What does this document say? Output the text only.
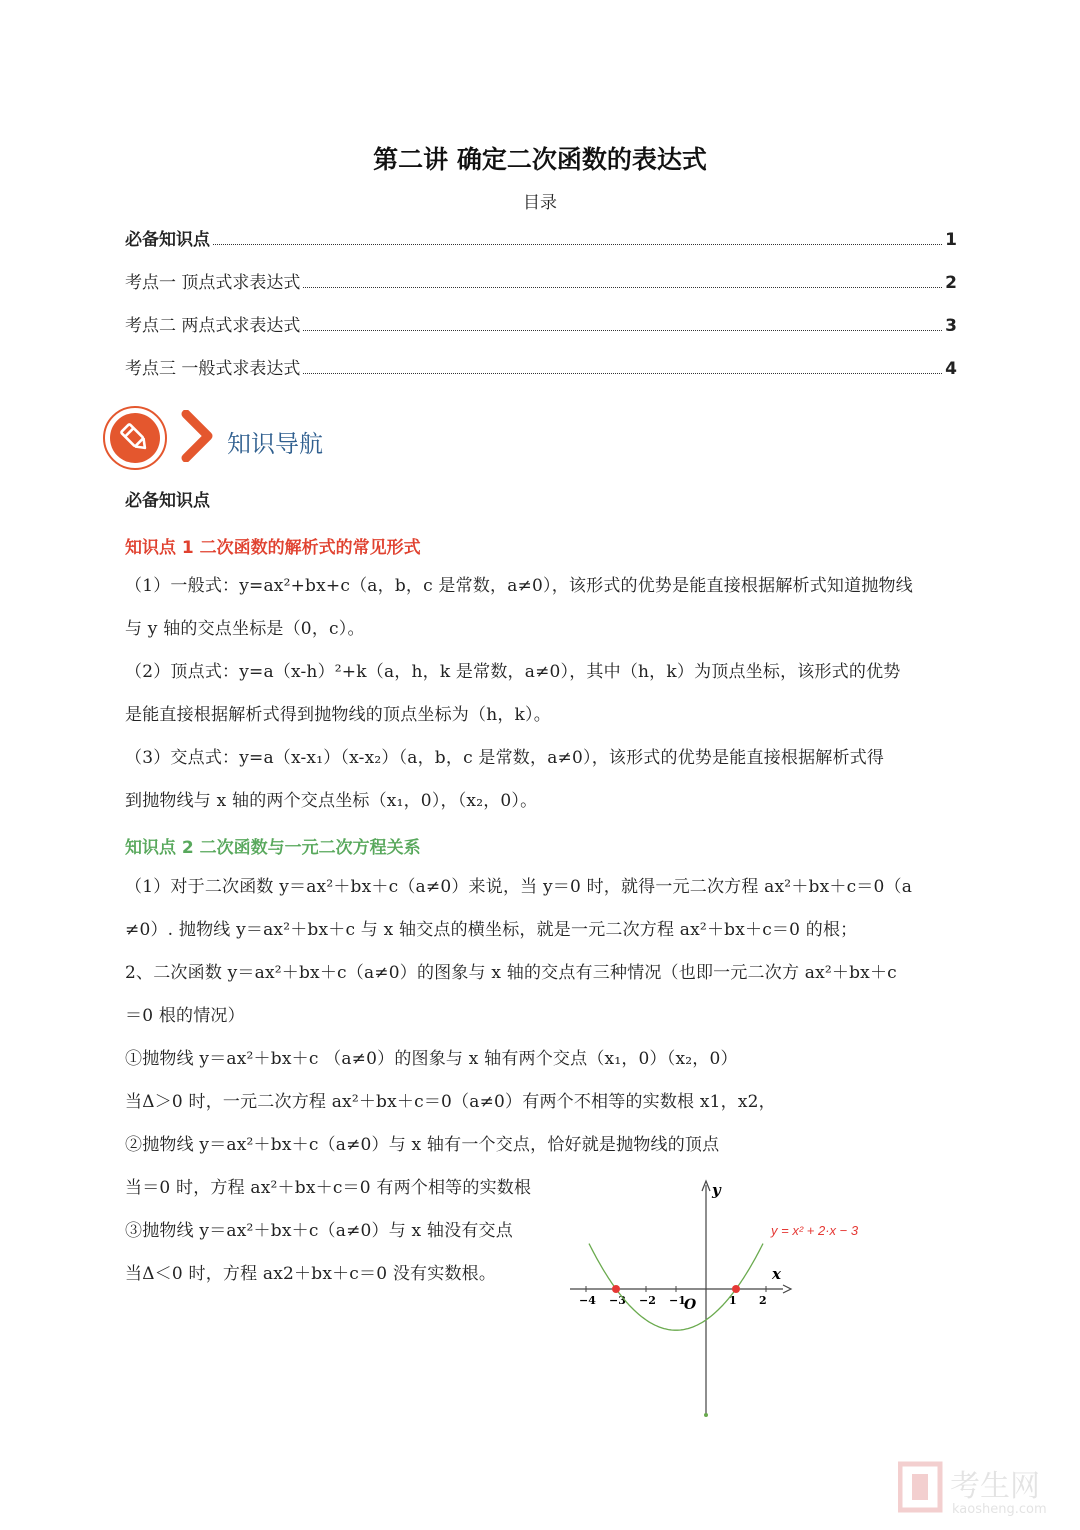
第二讲 确定二次函数的表达式
目录
必备知识点	1
考点一 顶点式求表达式	2
考点二 两点式求表达式	3
考点三 一般式求表达式	4
知识导航
必备知识点
知识点 1 二次函数的解析式的常见形式
（1）一般式：y=ax²+bx+c（a，b，c 是常数，a≠0），该形式的优势是能直接根据解析式知道抛物线
与 y 轴的交点坐标是（0，c）。
（2）顶点式：y=a（x-h）²+k（a，h，k 是常数，a≠0），其中（h，k）为顶点坐标，该形式的优势
是能直接根据解析式得到抛物线的顶点坐标为（h，k）。
（3）交点式：y=a（x-x₁）（x-x₂）（a，b，c 是常数，a≠0），该形式的优势是能直接根据解析式得
到抛物线与 x 轴的两个交点坐标（x₁，0），（x₂，0）。
知识点 2 二次函数与一元二次方程关系
（1）对于二次函数 y＝ax²＋bx＋c（a≠0）来说，当 y＝0 时，就得一元二次方程 ax²＋bx＋c＝0（a
≠0）. 抛物线 y＝ax²＋bx＋c 与 x 轴交点的横坐标，就是一元二次方程 ax²＋bx＋c＝0 的根；
2、二次函数 y＝ax²＋bx＋c（a≠0）的图象与 x 轴的交点有三种情况（也即一元二次方 ax²＋bx＋c
＝0 根的情况）
①抛物线 y＝ax²＋bx＋c （a≠0）的图象与 x 轴有两个交点（x₁，0）（x₂，0）
当Δ＞0 时，一元二次方程 ax²＋bx＋c＝0（a≠0）有两个不相等的实数根 x1，x2，
②抛物线 y＝ax²＋bx＋c（a≠0）与 x 轴有一个交点，恰好就是抛物线的顶点
当＝0 时，方程 ax²＋bx＋c＝0 有两个相等的实数根
③抛物线 y＝ax²＋bx＋c（a≠0）与 x 轴没有交点
当Δ＜0 时，方程 ax2＋bx＋c＝0 没有实数根。
y
x
O
−4 −3 −2 −1	1 2
y = x² + 2·x − 3
考生网
kaosheng.com
